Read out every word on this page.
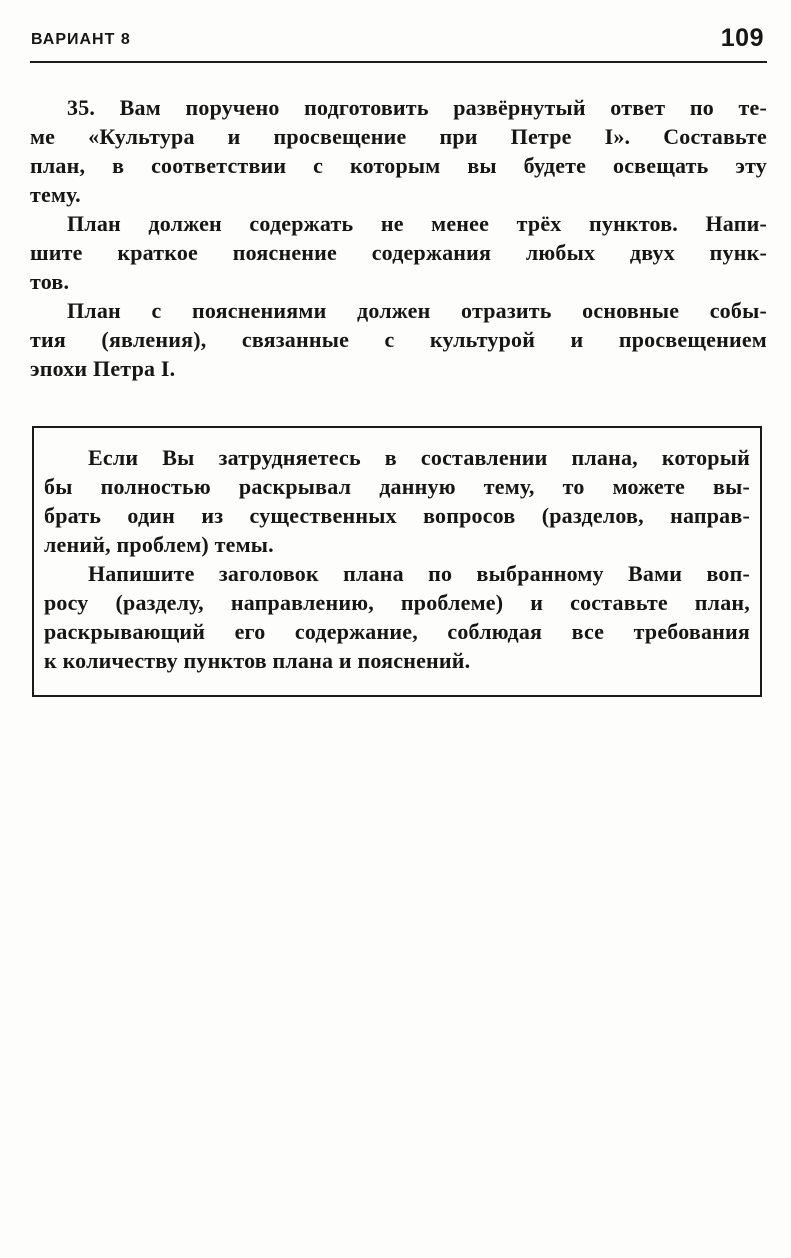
ВАРИАНТ 8	109
35. Вам поручено подготовить развёрнутый ответ по те-
ме «Культура и просвещение при Петре I». Составьте
план, в соответствии с которым вы будете освещать эту
тему.
План должен содержать не менее трёх пунктов. Напи-
шите краткое пояснение содержания любых двух пунк-
тов.
План с пояснениями должен отразить основные собы-
тия (явления), связанные с культурой и просвещением
эпохи Петра I.
Если Вы затрудняетесь в составлении плана, который
бы полностью раскрывал данную тему, то можете вы-
брать один из существенных вопросов (разделов, направ-
лений, проблем) темы.
Напишите заголовок плана по выбранному Вами воп-
росу (разделу, направлению, проблеме) и составьте план,
раскрывающий его содержание, соблюдая все требования
к количеству пунктов плана и пояснений.
